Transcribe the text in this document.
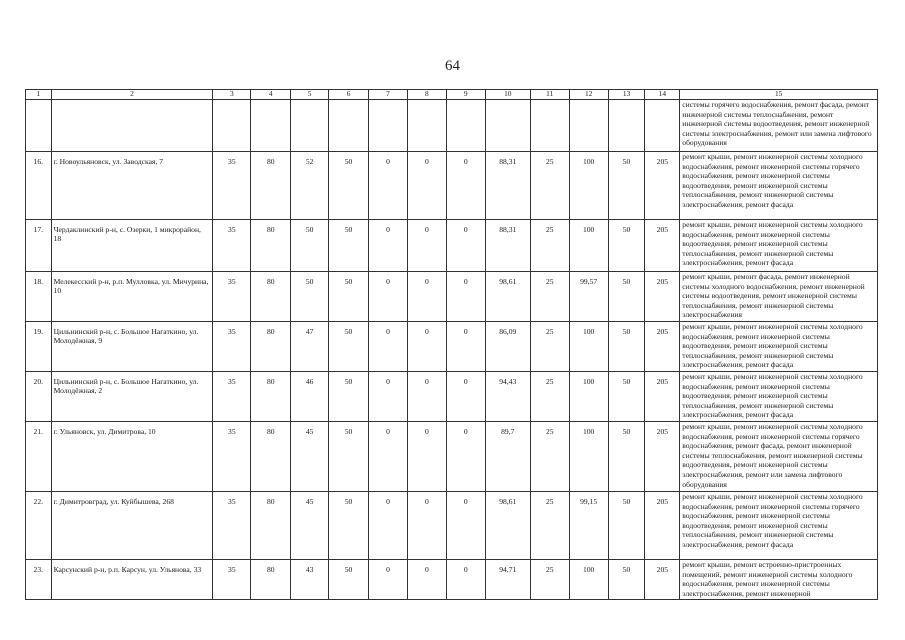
64
1	2	3	4	5	6	7	8	9	10	11	12	13	14	15
														системы горячего водоснабжения, ремонт фасада, ремонт инженерной системы теплоснабжения, ремонт инженерной системы водоотведения, ремонт инженерной системы электроснабжения, ремонт или замена лифтового оборудования
16.	г. Новоульяновск, ул. Заводская, 7	35	80	52	50	0	0	0	88,31	25	100	50	205	ремонт крыши, ремонт инженерной системы холодного водоснабжения, ремонт инженерной системы горячего водоснабжения, ремонт инженерной системы водоотведения, ремонт инженерной системы теплоснабжения, ремонт инженерной системы электроснабжения, ремонт фасада
17.	Чердаклинский р-н, с. Озерки, 1 микрорайон, 18	35	80	50	50	0	0	0	88,31	25	100	50	205	ремонт крыши, ремонт инженерной системы холодного водоснабжения, ремонт инженерной системы водоотведения, ремонт инженерной системы теплоснабжения, ремонт инженерной системы электроснабжения, ремонт фасада
18.	Мелекесский р-н, р.п. Мулловка, ул. Мичурина, 10	35	80	50	50	0	0	0	98,61	25	99,57	50	205	ремонт крыши, ремонт фасада, ремонт инженерной системы холодного водоснабжения, ремонт инженерной системы водоотведения, ремонт инженерной системы теплоснабжения, ремонт инженерной системы электроснабжения
19.	Цильнинский р-н, с. Большое Нагаткино, ул. Молодёжная, 9	35	80	47	50	0	0	0	86,09	25	100	50	205	ремонт крыши, ремонт инженерной системы холодного водоснабжения, ремонт инженерной системы водоотведения, ремонт инженерной системы теплоснабжения, ремонт инженерной системы электроснабжения, ремонт фасада
20.	Цильнинский р-н, с. Большое Нагаткино, ул. Молодёжная, 2	35	80	46	50	0	0	0	94,43	25	100	50	205	ремонт крыши, ремонт инженерной системы холодного водоснабжения, ремонт инженерной системы водоотведения, ремонт инженерной системы теплоснабжения, ремонт инженерной системы электроснабжения, ремонт фасада
21.	г. Ульяновск, ул. Димитрова, 10	35	80	45	50	0	0	0	89,7	25	100	50	205	ремонт крыши, ремонт инженерной системы холодного водоснабжения, ремонт инженерной системы горячего водоснабжения, ремонт фасада, ремонт инженерной системы теплоснабжения, ремонт инженерной системы водоотведения, ремонт инженерной системы электроснабжения, ремонт или замена лифтового оборудования
22.	г. Димитровград, ул. Куйбышева, 268	35	80	45	50	0	0	0	98,61	25	99,15	50	205	ремонт крыши, ремонт инженерной системы холодного водоснабжения, ремонт инженерной системы горячего водоснабжения, ремонт инженерной системы водоотведения, ремонт инженерной системы теплоснабжения, ремонт инженерной системы электроснабжения, ремонт фасада
23.	Карсунский р-н, р.п. Карсун, ул. Ульянова, 33	35	80	43	50	0	0	0	94,71	25	100	50	205	ремонт крыши, ремонт встроенно-пристроенных помещений, ремонт инженерной системы холодного водоснабжения, ремонт инженерной системы электроснабжения, ремонт инженерной
